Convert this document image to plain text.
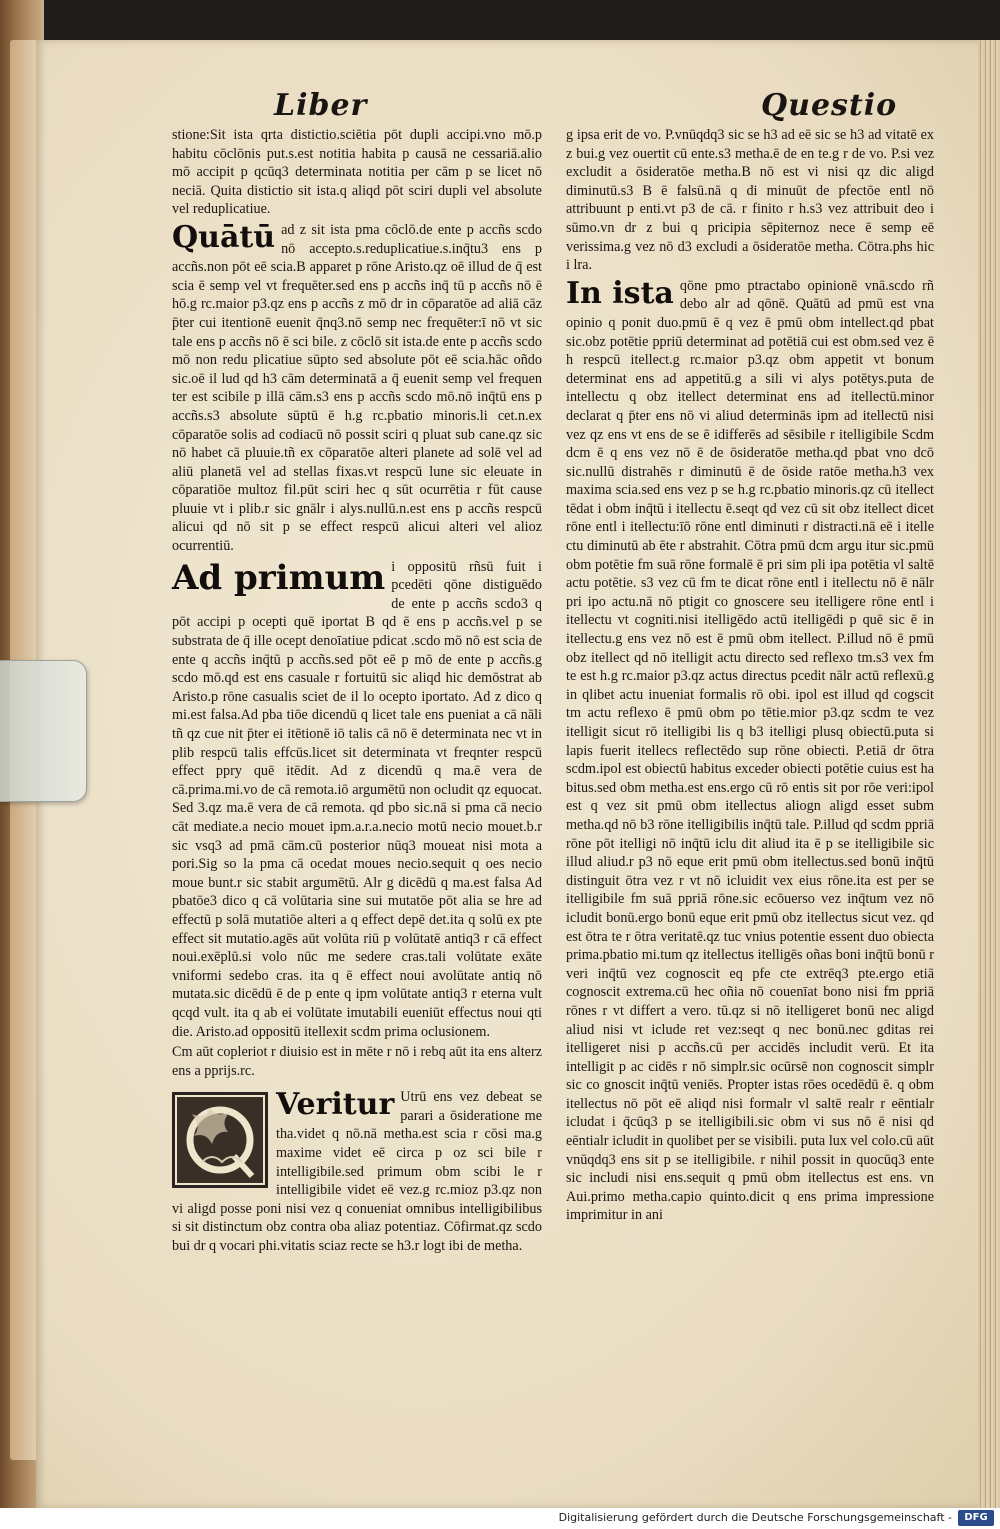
Liber	Questio

stione:Sit ista qrta distictio.sciētia pōt dupli accipi.vno mō.p habitu cōclōnis put.s.est notitia habita p causā ne cessariā.alio mō accipit p qcūq3 determinata notitia per cām p se licet nō neciā. Quita distictio sit ista.q aliqd pōt sciri dupli vel absolute vel reduplicatiue.

Quātū ad z sit ista pma cōclō.de ente p accñs scdo nō accepto.s.reduplicatiue.s.inq̄tu3 ens p accñs.non pōt eē scia.B apparet p rōne Aristo.qz oē illud de q̄ est scia ē semp vel vt frequēter.sed ens p accñs inq̄ tū p accñs nō ē hō.g rc.maior p3.qz ens p accñs z mō dr in cōparatōe ad aliā cāz p̄ter cui itentionē euenit q̄nq3.nō semp nec frequēter:ī nō vt sic tale ens p accñs nō ē sci bile. z cōclō sit ista.de ente p accñs scdo mō non redu plicatiue sūpto sed absolute pōt eē scia.hāc oñdo sic.oē il lud qd h3 cām determinatā a q̄ euenit semp vel frequen ter est scibile p illā cām.s3 ens p accñs scdo mō.nō inq̄tū ens p accñs.s3 absolute sūptū ē h.g rc.pbatio minoris.li cet.n.ex cōparatōe solis ad codiacū nō possit sciri q pluat sub cane.qz sic nō habet cā pluuie.tñ ex cōparatōe alteri planete ad solē vel ad aliū planetā vel ad stellas fixas.vt respcū lune sic eleuate in cōparatiōe multoz fil.pūt sciri hec q sūt ocurrētia r fūt cause pluuie vt i plib.r sic gnālr i alys.nullū.n.est ens p accñs respcū alicui qd nō sit p se effect respcū alicui alteri vel alioz ocurrentiū.

Ad primum i oppositū rñsū fuit i pcedēti qōne distiguēdo de ente p accñs scdo3 q pōt accipi p ocepti quē iportat B qd ē ens p accñs.vel p se substrata de q̄ ille ocept denoīatiue pdicat .scdo mō nō est scia de ente q accñs inq̄tū p accñs.sed pōt eē p mō de ente p accñs.g scdo mō.qd est ens casuale r fortuitū sic aliqd hic demōstrat ab Aristo.p rōne casualis sciet de il lo ocepto iportato. Ad z dico q mi.est falsa.Ad pba tiōe dicendū q licet tale ens pueniat a cā nāli tñ qz cue nit p̄ter ei itētionē iō talis cā nō ē determinata nec vt in plib respcū talis effcūs.licet sit determinata vt freqnter respcū effect ppry quē itēdit. Ad z dicendū q ma.ē vera de cā.prima.mi.vo de cā remota.iō argumētū non ocludit qz equocat. Sed 3.qz ma.ē vera de cā remota. qd pbo sic.nā si pma cā necio cāt mediate.a necio mouet ipm.a.r.a.necio motū necio mouet.b.r sic vsq3 ad pmā cām.cū posterior nūq3 moueat nisi mota a pori.Sig so la pma cā ocedat moues necio.sequit q oes necio moue bunt.r sic stabit argumētū. Alr g dicēdū q ma.est falsa Ad pbatōe3 dico q cā volūtaria sine sui mutatōe pōt alia se hre ad effectū p solā mutatiōe alteri a q effect depē det.ita q solū ex pte effect sit mutatio.agēs aūt volūta riū p volūtatē antiq3 r cā effect noui.exēplū.si volo nūc me sedere cras.tali volūtate exāte vniformi sedebo cras. ita q ē effect noui avolūtate antiq nō mutata.sic dicēdū ē de p ente q ipm volūtate antiq3 r eterna vult qcqd vult. ita q ab ei volūtate imutabili eueniūt effectus noui qti die. Aristo.ad oppositū itellexit scdm prima oclusionem.

Cm aūt copleriot r diuisio est in mēte r nō i rebq aūt ita ens alterz ens a pprijs.rc.

Veritur Utrū ens vez debeat se parari a ōsideratione me tha.videt q nō.nā metha.est scia r cōsi ma.g maxime videt eē circa p oz sci bile r intelligibile.sed primum obm scibi le r intelligibile videt eē vez.g rc.mioz p3.qz non vi aligd posse poni nisi vez q conueniat omnibus intelligibilibus si sit distinctum obz contra oba aliaz potentiaz. Cōfirmat.qz scdo bui dr q vocari phi.vitatis sciaz recte se h3.r logt ibi de metha.

g ipsa erit de vo. P.vnūqdq3 sic se h3 ad eē sic se h3 ad vitatē ex z bui.g vez ouertit cū ente.s3 metha.ē de en te.g r de vo. P.si vez excludit a ōsideratōe metha.B nō est vi nisi qz dic aligd diminutū.s3 B ē falsū.nā q di minuūt de pfectōe entl nō attribuunt p enti.vt p3 de cā. r finito r h.s3 vez attribuit deo i sūmo.vn dr z bui q pricipia sēpiternoz nece ē semp eē verissima.g vez nō d3 excludi a ōsideratōe metha. Cōtra.phs hic i lra.

In ista qōne pmo ptractabo opinionē vnā.scdo rñ debo alr ad qōnē. Quātū ad pmū est vna opinio q ponit duo.pmū ē q vez ē pmū obm intellect.qd pbat sic.obz potētie ppriū determinat ad potētiā cui est obm.sed vez ē h respcū itellect.g rc.maior p3.qz obm appetit vt bonum determinat ens ad appetitū.g a sili vi alys potētys.puta de intellectu q obz itellect determinat ens ad itellectū.minor declarat q p̄ter ens nō vi aliud determinās ipm ad itellectū nisi vez qz ens vt ens de se ē idifferēs ad sēsibile r itelligibile Scdm dcm ē q ens vez nō ē de ōsideratōe metha.qd pbat vno dcō sic.nullū distrahēs r diminutū ē de ōside ratōe metha.h3 vex maxima scia.sed ens vez p se h.g rc.pbatio minoris.qz cū itellect tēdat i obm inq̄tū i itellectu ē.seqt qd vez cū sit obz itellect dicet rōne entl i itellectu:īō rōne entl diminuti r distracti.nā eē i itelle ctu diminutū ab ēte r abstrahit. Cōtra pmū dcm argu itur sic.pmū obm potētie fm suā rōne formalē ē pri sim pli ipa potētia vl saltē actu potētie. s3 vez cū fm te dicat rōne entl i itellectu nō ē nālr pri ipo actu.nā nō ptigit co gnoscere seu itelligere rōne entl i itellectu vt cogniti.nisi itelligēdo actū itelligēdi p quē sic ē in itellectu.g ens vez nō est ē pmū obm itellect. P.illud nō ē pmū obz itellect qd nō itelligit actu directo sed reflexo tm.s3 vex fm te est h.g rc.maior p3.qz actus directus pcedit nālr actū reflexū.g in qlibet actu inueniat formalis rō obi. ipol est illud qd cogscit tm actu reflexo ē pmū obm po tētie.mior p3.qz scdm te vez itelligit sicut rō itelligibi lis q b3 itelligi plusq obiectū.puta si lapis fuerit itellecs reflectēdo sup rōne obiecti. P.etiā dr ōtra scdm.ipol est obiectū habitus exceder obiecti potētie cuius est ha bitus.sed obm metha.est ens.ergo cū rō entis sit por rōe veri:ipol est q vez sit pmū obm itellectus aliogn aligd esset subm metha.qd nō b3 rōne itelligibilis inq̄tū tale. P.illud qd scdm ppriā rōne pōt itelligi nō inq̄tū iclu dit aliud ita ē p se itelligibile sic illud aliud.r p3 nō eque erit pmū obm itellectus.sed bonū inq̄tū distinguit ōtra vez r vt nō icluidit vex eius rōne.ita est per se itelligibile fm suā ppriā rōne.sic ecōuerso vez inq̄tum vez nō icludit bonū.ergo bonū eque erit pmū obz itellectus sicut vez. qd est ōtra te r ōtra veritatē.qz tuc vnius potentie essent duo obiecta prima.pbatio mi.tum qz itellectus itelligēs oñas boni inq̄tū bonū r veri inq̄tū vez cognoscit eq pfe cte extrēq3 pte.ergo etiā cognoscit extrema.cū hec oñia nō couenīat bono nisi fm ppriā rōnes r vt differt a vero. tū.qz si nō itelligeret bonū nec aligd aliud nisi vt iclude ret vez:seqt q nec bonū.nec gditas rei itelligeret nisi p accñs.cū per accidēs includit verū. Et ita intelligit p ac cidēs r nō simplr.sic ocūrsē non cognoscit simplr sic co gnoscit inq̄tū veniēs. Propter istas rōes ocedēdū ē. q obm itellectus nō pōt eē aliqd nisi formalr vl saltē realr r eēntialr icludat i q̄cūq3 p se itelligibili.sic obm vi sus nō ē nisi qd eēntialr icludit in quolibet per se visibili. puta lux vel colo.cū aūt vnūqdq3 ens sit p se itelligibile. r nihil possit in quocūq3 ente sic includi nisi ens.sequit q pmū obm itellectus est ens. vn Aui.primo metha.capio quinto.dicit q ens prima impressione imprimitur in ani

Digitalisierung gefördert durch die Deutsche Forschungsgemeinschaft -	DFG
